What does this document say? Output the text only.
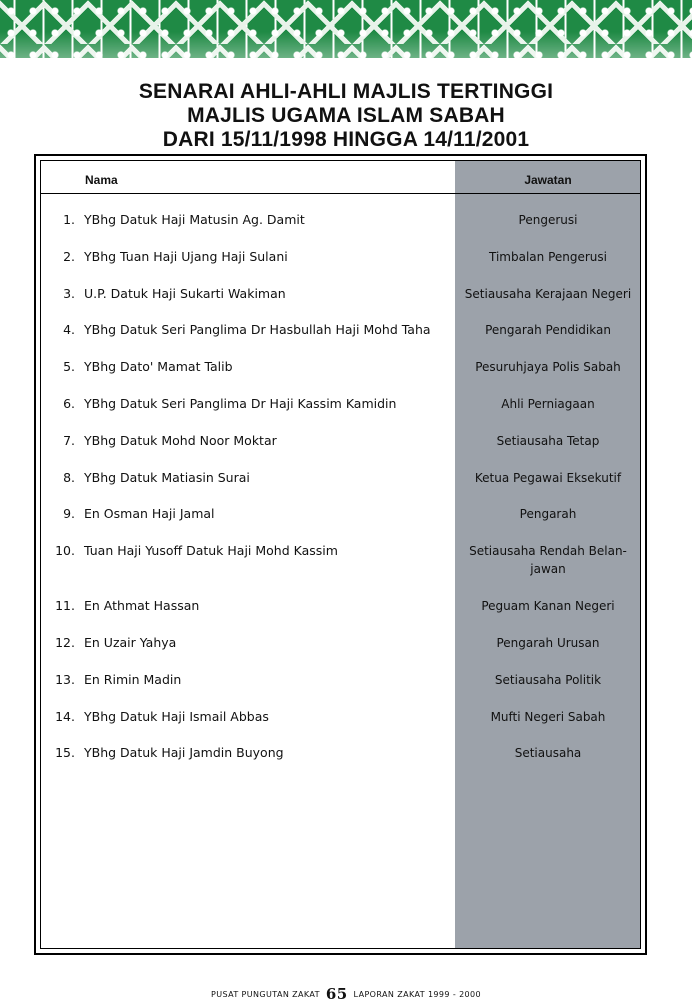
SENARAI AHLI-AHLI MAJLIS TERTINGGI
MAJLIS UGAMA ISLAM SABAH
DARI 15/11/1998 HINGGA 14/11/2001
Nama	Jawatan
1. YBhg Datuk Haji Matusin Ag. Damit	Pengerusi
2. YBhg Tuan Haji Ujang Haji Sulani	Timbalan Pengerusi
3. U.P. Datuk Haji Sukarti Wakiman	Setiausaha Kerajaan Negeri
4. YBhg Datuk Seri Panglima Dr Hasbullah Haji Mohd Taha	Pengarah Pendidikan
5. YBhg Dato' Mamat Talib	Pesuruhjaya Polis Sabah
6. YBhg Datuk Seri Panglima Dr Haji Kassim Kamidin	Ahli Perniagaan
7. YBhg Datuk Mohd Noor Moktar	Setiausaha Tetap
8. YBhg Datuk Matiasin Surai	Ketua Pegawai Eksekutif
9. En Osman Haji Jamal	Pengarah
10. Tuan Haji Yusoff Datuk Haji Mohd Kassim	Setiausaha Rendah Belan-jawan
11. En Athmat Hassan	Peguam Kanan Negeri
12. En Uzair Yahya	Pengarah Urusan
13. En Rimin Madin	Setiausaha Politik
14. YBhg Datuk Haji Ismail Abbas	Mufti Negeri Sabah
15. YBhg Datuk Haji Jamdin Buyong	Setiausaha
PUSAT PUNGUTAN ZAKAT 65 LAPORAN ZAKAT 1999 - 2000
